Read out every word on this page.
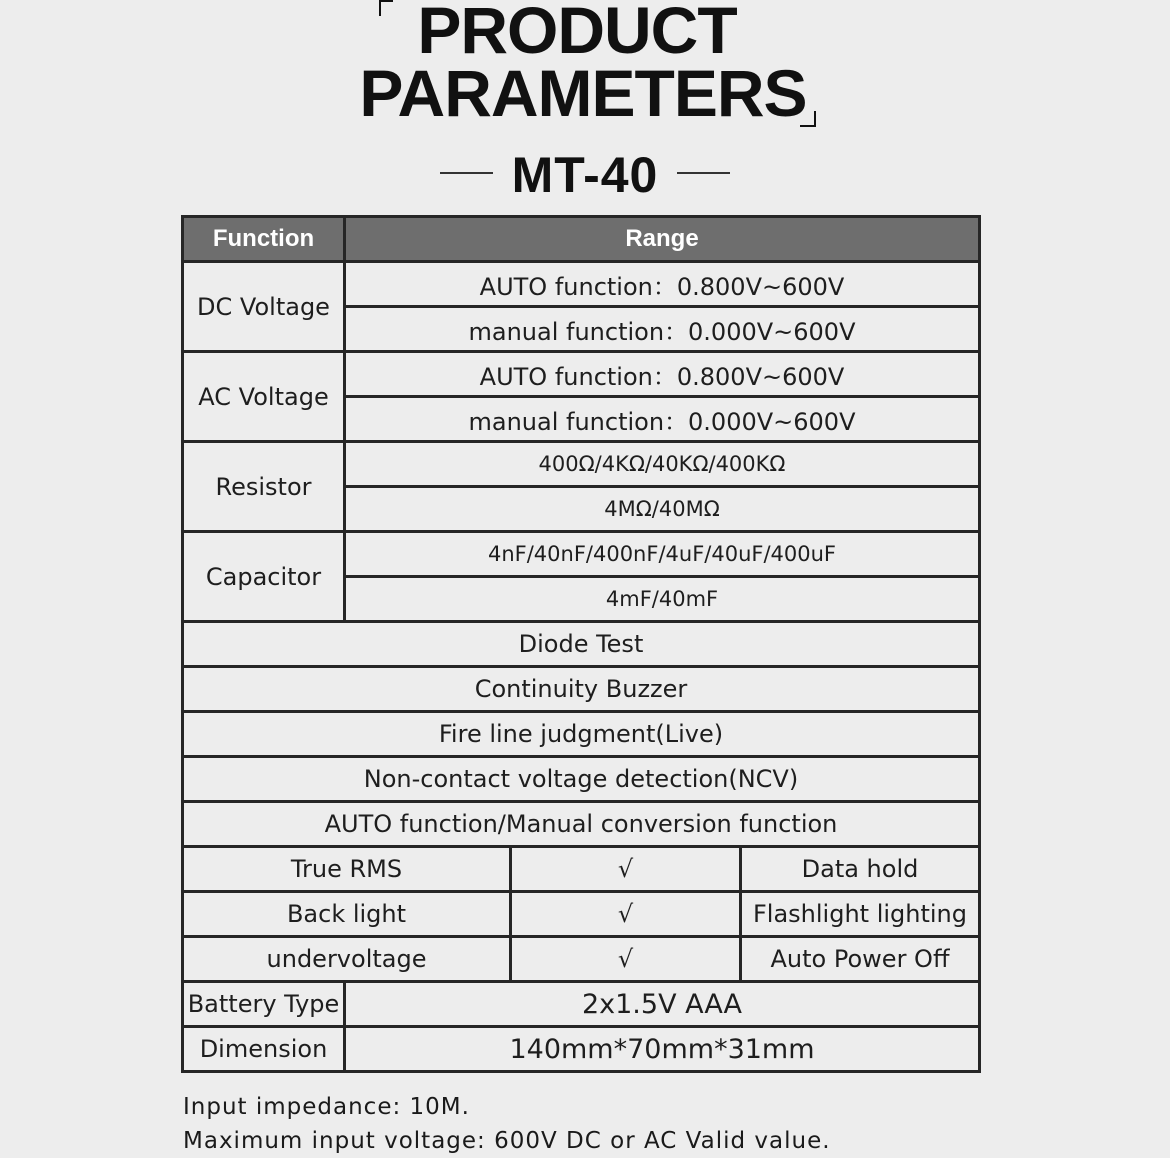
PRODUCT
PARAMETERS
MT-40
Function	Range	
DC Voltage	AUTO function：0.800V~600V	
	manual function：0.000V~600V			
AC Voltage	AUTO function：0.800V~600V	
	manual function：0.000V~600V			
Resistor	400Ω/4KΩ/40KΩ/400KΩ	
	4MΩ/40MΩ			
Capacitor	4nF/40nF/400nF/4uF/40uF/400uF	
	4mF/40mF	
Diode Test	
Continuity Buzzer	
Fire line judgment(Live)	
Non-contact voltage detection(NCV)	
AUTO function/Manual conversion function	
True RMS		√	Data hold	
Back light		√	Flashlight lighting	
undervoltage		√	Auto Power Off	
Battery Type	2x1.5V AAA			
Dimension	140mm*70mm*31mm			
Input impedance: 10M.
Maximum input voltage: 600V DC or AC Valid value.
